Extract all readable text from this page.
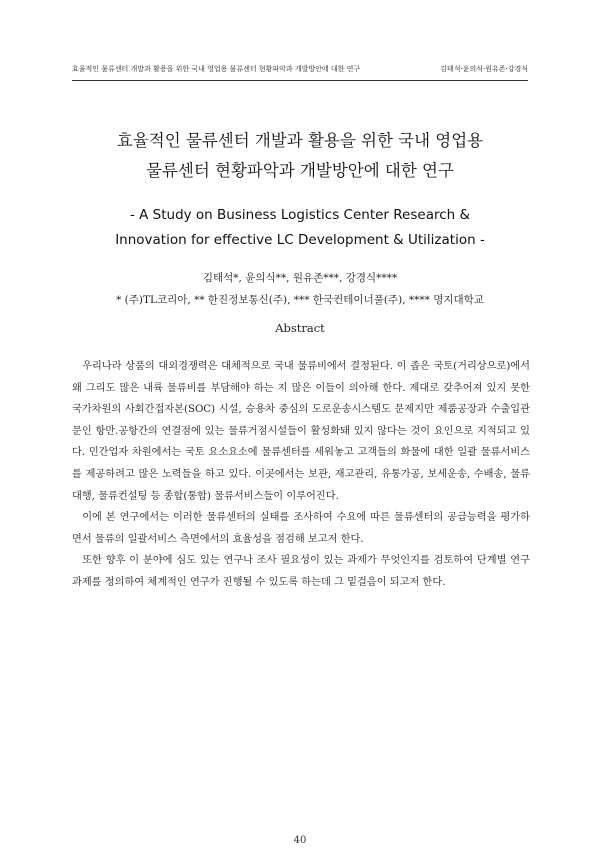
효율적인 물류센터 개발과 활용을 위한 국내 영업용 물류센터 현황파악과 개발방안에 대한 연구	김태석·윤의식·원유존·강경식
효율적인 물류센터 개발과 활용을 위한 국내 영업용
물류센터 현황파악과 개발방안에 대한 연구
- A Study on Business Logistics Center Research &
Innovation for effective LC Development & Utilization -
김태석*, 윤의식**, 원유존***, 강경식****
* (주)TL코리아, ** 한진정보통신(주), *** 한국컨테이너풀(주), **** 명지대학교
Abstract

우리나라 상품의 대외경쟁력은 대체적으로 국내 물류비에서 결정된다. 이 좁은 국토(거리상으로)에서 왜 그리도 많은 내륙 물류비를 부담해야 하는 지 많은 이들이 의아해 한다. 제대로 갖추어져 있지 못한 국가차원의 사회간접자본(SOC) 시설, 승용차 중심의 도로운송시스템도 문제지만 제품공장과 수출입관문인 항만.공항간의 연결점에 있는 물류거점시설들이 활성화돼 있지 않다는 것이 요인으로 지적되고 있다. 민간업자 차원에서는 국토 요소요소에 물류센터를 세워놓고 고객들의 화물에 대한 일괄 물류서비스를 제공하려고 많은 노력들을 하고 있다. 이곳에서는 보관, 재고관리, 유통가공, 보세운송, 수배송, 물류대행, 물류컨설팅 등 종합(통합) 물류서비스들이 이루어진다.

이에 본 연구에서는 이러한 물류센터의 실태를 조사하여 수요에 따른 물류센터의 공급능력을 평가하면서 물류의 일괄서비스 측면에서의 효율성을 점검해 보고저 한다.

또한 향후 이 분야에 심도 있는 연구나 조사 필요성이 있는 과제가 무엇인지를 검토하여 단계별 연구과제를 정의하여 체계적인 연구가 진행될 수 있도록 하는데 그 밑걸음이 되고저 한다.

40
